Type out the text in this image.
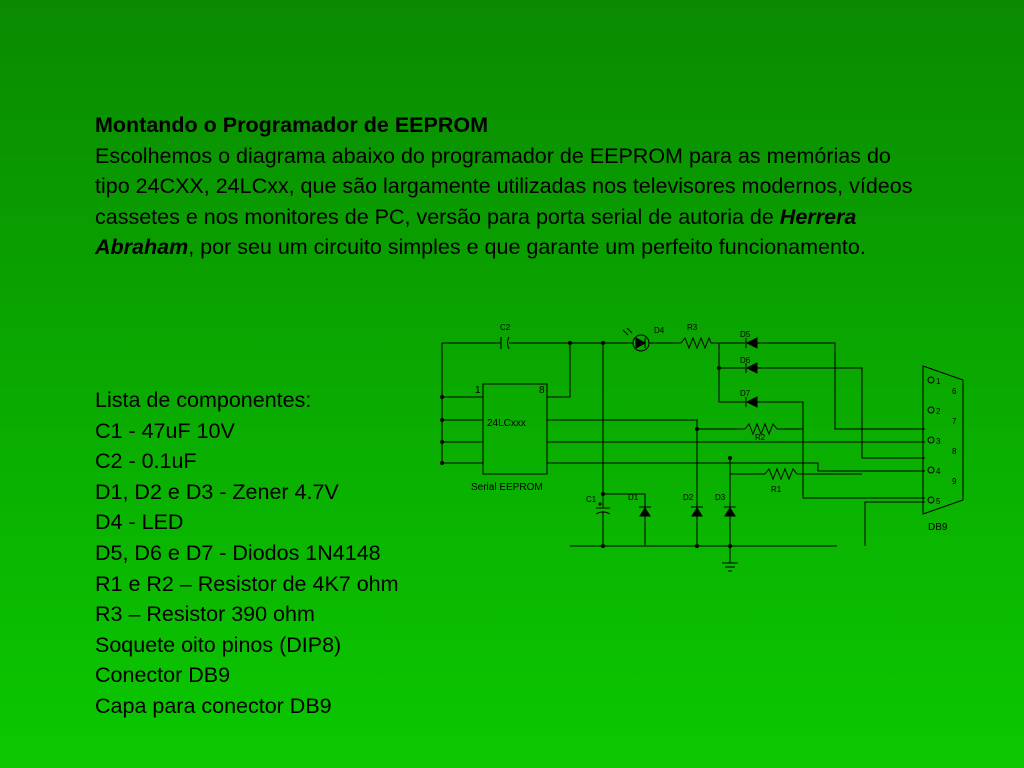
Montando o Programador de EEPROM
Escolhemos o diagrama abaixo do programador de EEPROM para as memórias do tipo 24CXX, 24LCxx, que são largamente utilizadas nos televisores modernos, vídeos cassetes e nos monitores de PC, versão para porta serial de autoria de Herrera Abraham, por seu um circuito simples e que garante um perfeito funcionamento.
Lista de componentes:
C1 - 47uF 10V
C2 - 0.1uF
D1, D2 e D3 - Zener 4.7V
D4 - LED
D5, D6 e D7 - Diodos 1N4148
R1 e R2 – Resistor de 4K7 ohm
R3 – Resistor 390 ohm
Soquete oito pinos (DIP8)
Conector DB9
Capa para conector DB9
24LCxxx
Serial EEPROM
1	8
C2	D4	R3
D5
D6
D7
R2
R1
C1	D1	D2	D3
1
2
3
4
5
6
7
8
9
DB9
